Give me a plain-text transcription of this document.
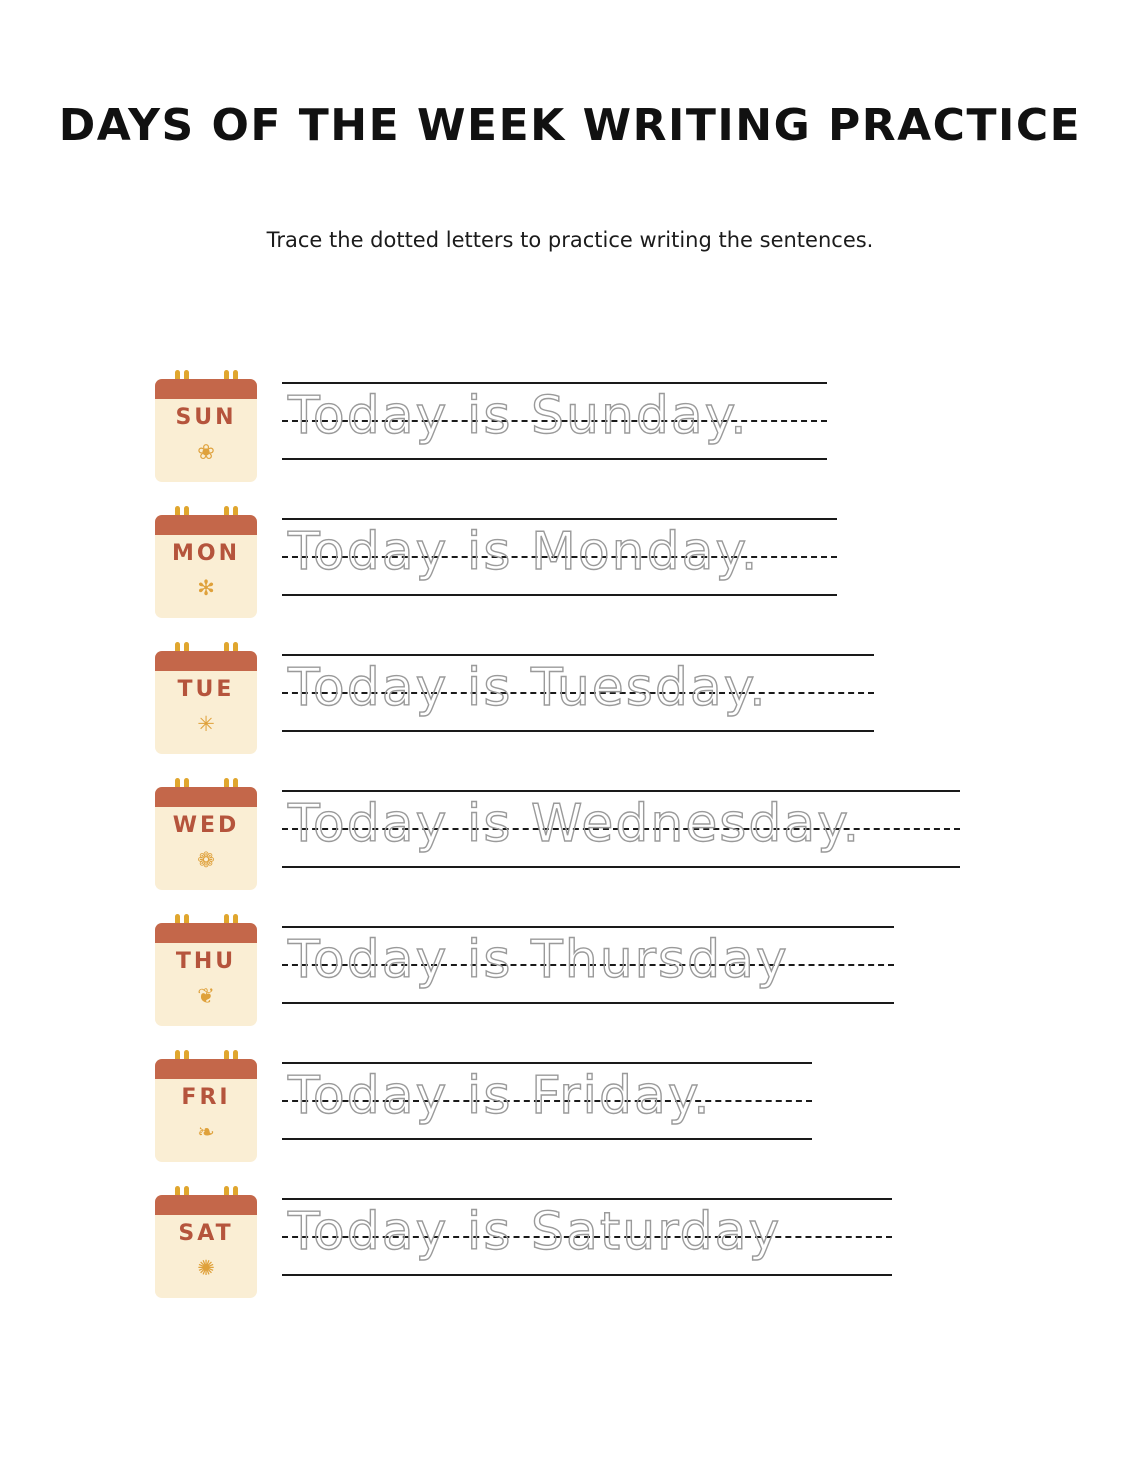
DAYS OF THE WEEK WRITING PRACTICE
Trace the dotted letters to practice writing the sentences.
SUN
❀
Today is Sunday.
MON
✻
Today is Monday.
TUE
✳
Today is Tuesday.
WED
❁
Today is Wednesday.
THU
❦
Today is Thursday
FRI
❧
Today is Friday.
SAT
✺
Today is Saturday
